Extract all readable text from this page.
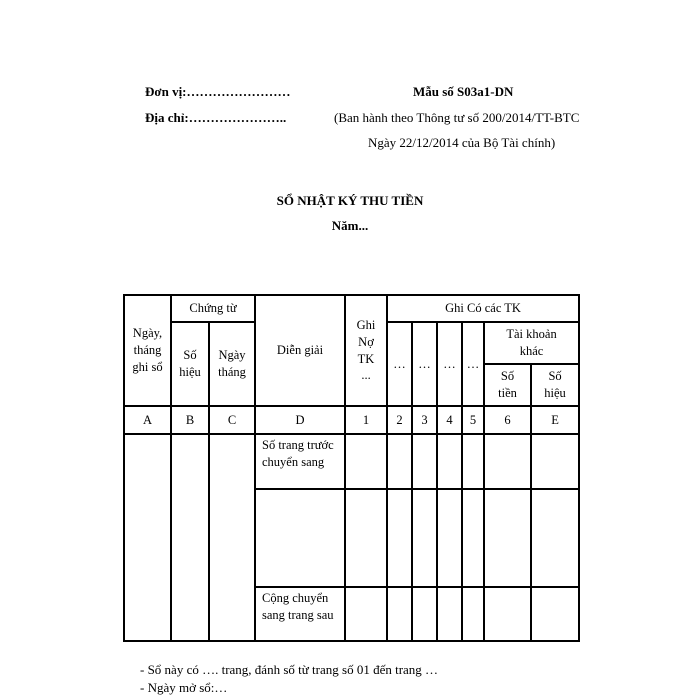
Đơn vị:……………………
Địa chỉ:…………………..
Mẫu số S03a1-DN
(Ban hành theo Thông tư số 200/2014/TT-BTC
Ngày 22/12/2014 của Bộ Tài chính)
SỔ NHẬT KÝ THU TIỀN
Năm...
Ngày, tháng ghi sổ	Chứng từ		Diễn giải	Ghi Nợ TK ...	Ghi Có các TK					
	Số hiệu	Ngày tháng			…	…	…	…	Tài khoản khác	
									Số tiền	Số hiệu
A	B	C	D	1	2	3	4	5	6	E
			Số trang trước chuyển sang							

			Cộng chuyển sang trang sau							
- Sổ này có …. trang, đánh số từ trang số 01 đến trang …
- Ngày mở sổ:…
